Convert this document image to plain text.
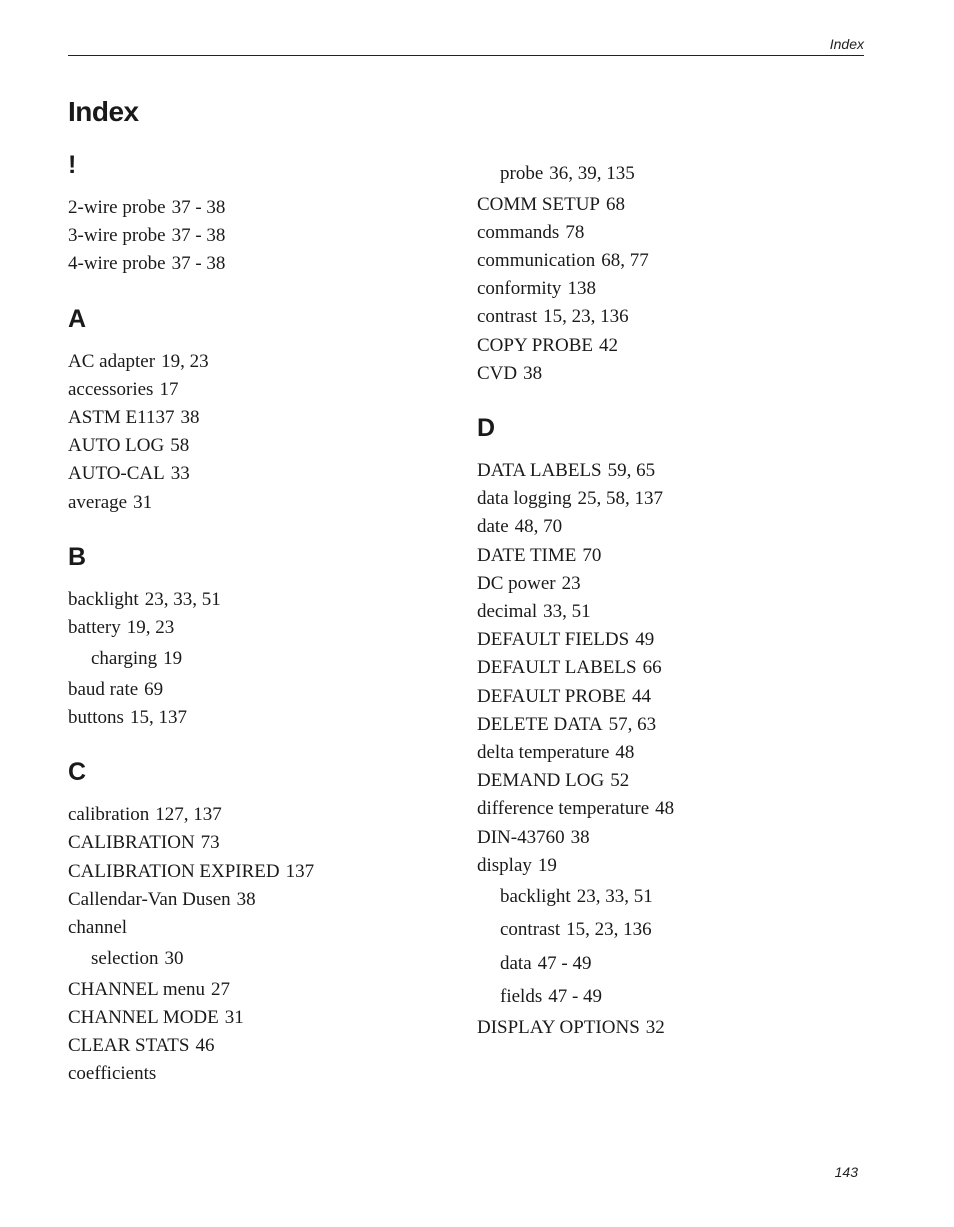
Index
Index
!
2-wire probe 37 - 38
3-wire probe 37 - 38
4-wire probe 37 - 38
A
AC adapter 19, 23
accessories 17
ASTM E1137 38
AUTO LOG 58
AUTO-CAL 33
average 31
B
backlight 23, 33, 51
battery 19, 23
charging 19
baud rate 69
buttons 15, 137
C
calibration 127, 137
CALIBRATION 73
CALIBRATION EXPIRED 137
Callendar-Van Dusen 38
channel
selection 30
CHANNEL menu 27
CHANNEL MODE 31
CLEAR STATS 46
coefficients
probe 36, 39, 135
COMM SETUP 68
commands 78
communication 68, 77
conformity 138
contrast 15, 23, 136
COPY PROBE 42
CVD 38
D
DATA LABELS 59, 65
data logging 25, 58, 137
date 48, 70
DATE TIME 70
DC power 23
decimal 33, 51
DEFAULT FIELDS 49
DEFAULT LABELS 66
DEFAULT PROBE 44
DELETE DATA 57, 63
delta temperature 48
DEMAND LOG 52
difference temperature 48
DIN-43760 38
display 19
backlight 23, 33, 51
contrast 15, 23, 136
data 47 - 49
fields 47 - 49
DISPLAY OPTIONS 32
143
